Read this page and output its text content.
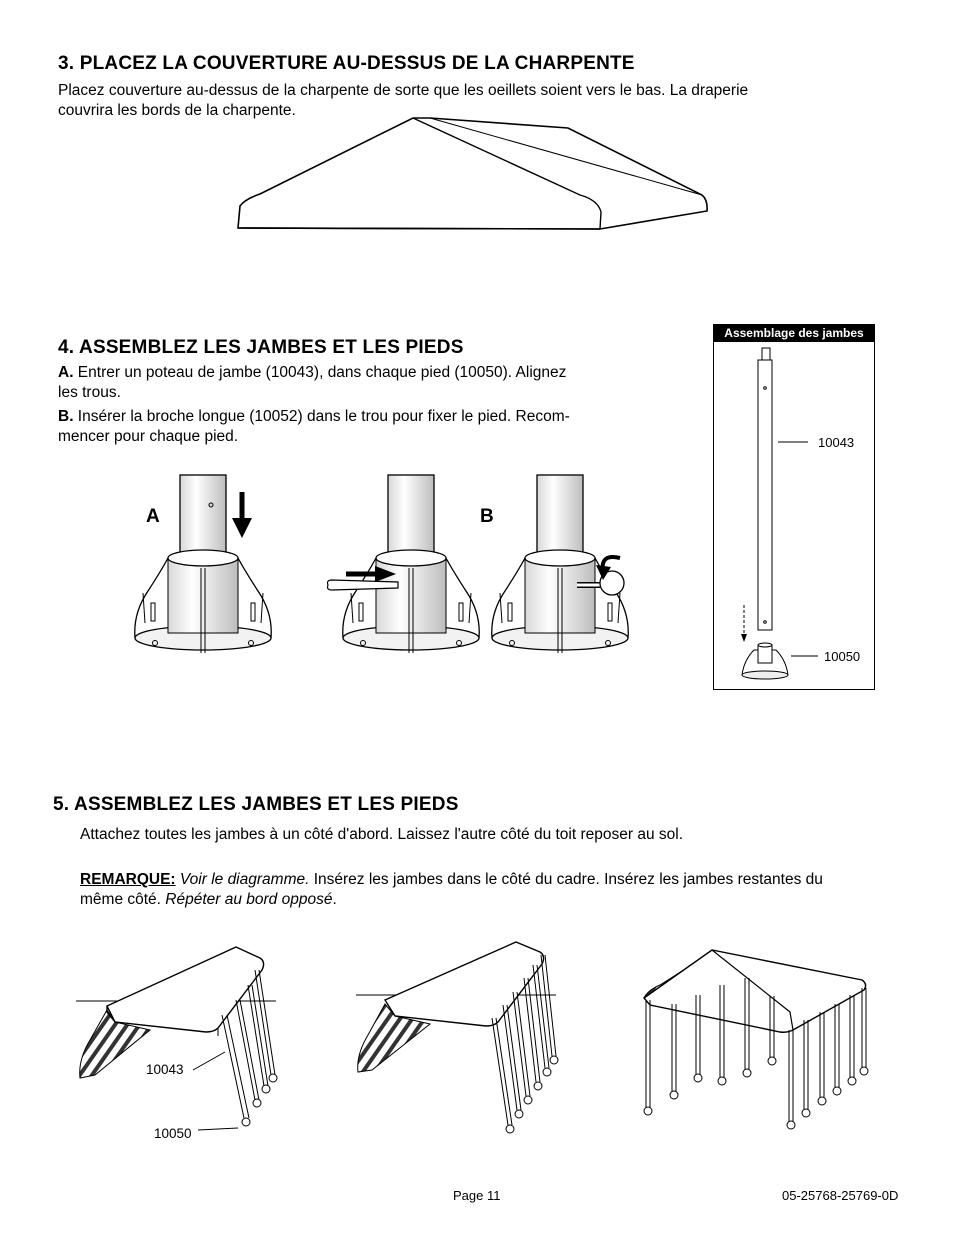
3. PLACEZ LA COUVERTURE AU-DESSUS DE LA CHARPENTE

Placez couverture au-dessus de la charpente de sorte que les oeillets soient vers le bas. La draperie

couvrira les bords de la charpente.

4. ASSEMBLEZ LES JAMBES ET LES PIEDS

A. Entrer un poteau de jambe (10043), dans chaque pied (10050). Alignez

les trous.

B. Insérer la broche longue (10052) dans le trou pour fixer le pied. Recom-

mencer pour chaque pied.

A	B
Assemblage des jambes
10043
10050
5. ASSEMBLEZ LES JAMBES ET LES PIEDS

Attachez toutes les jambes à un côté d'abord. Laissez l'autre côté du toit reposer au sol.

REMARQUE: Voir le diagramme. Insérez les jambes dans le côté du cadre. Insérez les jambes restantes du

même côté. Répéter au bord opposé.

10043
10050
Page 11	05-25768-25769-0D
